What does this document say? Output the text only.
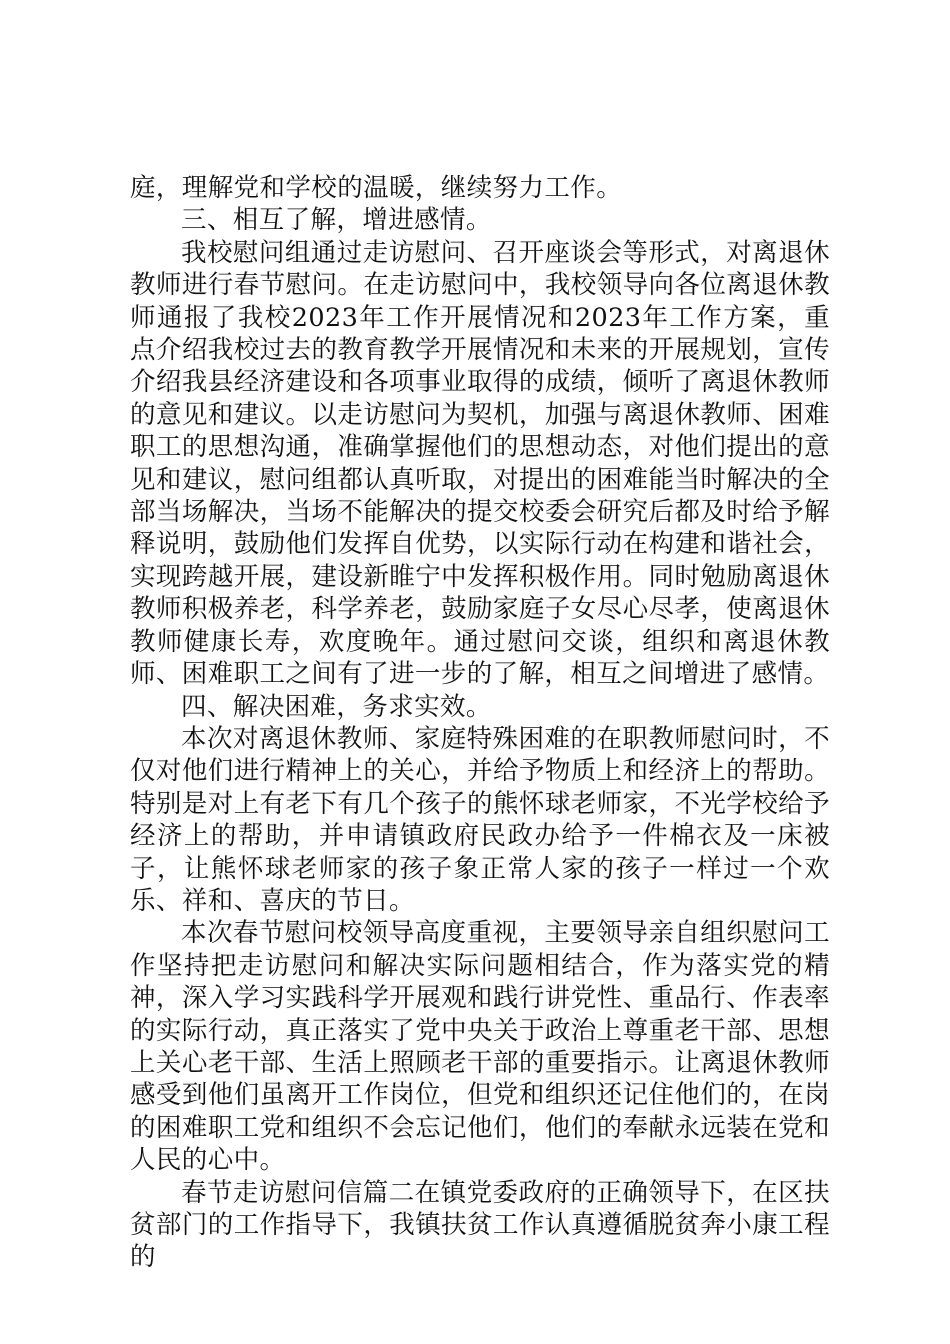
庭，理解党和学校的温暖，继续努力工作。

三、相互了解，增进感情。

我校慰问组通过走访慰问、召开座谈会等形式，对离退休教师进行春节慰问。在走访慰问中，我校领导向各位离退休教师通报了我校2023年工作开展情况和2023年工作方案，重点介绍我校过去的教育教学开展情况和未来的开展规划，宣传介绍我县经济建设和各项事业取得的成绩，倾听了离退休教师的意见和建议。以走访慰问为契机，加强与离退休教师、困难职工的思想沟通，准确掌握他们的思想动态，对他们提出的意见和建议，慰问组都认真听取，对提出的困难能当时解决的全部当场解决，当场不能解决的提交校委会研究后都及时给予解释说明，鼓励他们发挥自优势，以实际行动在构建和谐社会，实现跨越开展，建设新睢宁中发挥积极作用。同时勉励离退休教师积极养老，科学养老，鼓励家庭子女尽心尽孝，使离退休教师健康长寿，欢度晚年。通过慰问交谈，组织和离退休教师、困难职工之间有了进一步的了解，相互之间增进了感情。

四、解决困难，务求实效。

本次对离退休教师、家庭特殊困难的在职教师慰问时，不仅对他们进行精神上的关心，并给予物质上和经济上的帮助。特别是对上有老下有几个孩子的熊怀球老师家，不光学校给予经济上的帮助，并申请镇政府民政办给予一件棉衣及一床被子，让熊怀球老师家的孩子象正常人家的孩子一样过一个欢乐、祥和、喜庆的节日。

本次春节慰问校领导高度重视，主要领导亲自组织慰问工作坚持把走访慰问和解决实际问题相结合，作为落实党的精神，深入学习实践科学开展观和践行讲党性、重品行、作表率的实际行动，真正落实了党中央关于政治上尊重老干部、思想上关心老干部、生活上照顾老干部的重要指示。让离退休教师感受到他们虽离开工作岗位，但党和组织还记住他们的，在岗的困难职工党和组织不会忘记他们，他们的奉献永远装在党和人民的心中。

春节走访慰问信篇二在镇党委政府的正确领导下，在区扶贫部门的工作指导下，我镇扶贫工作认真遵循脱贫奔小康工程的
